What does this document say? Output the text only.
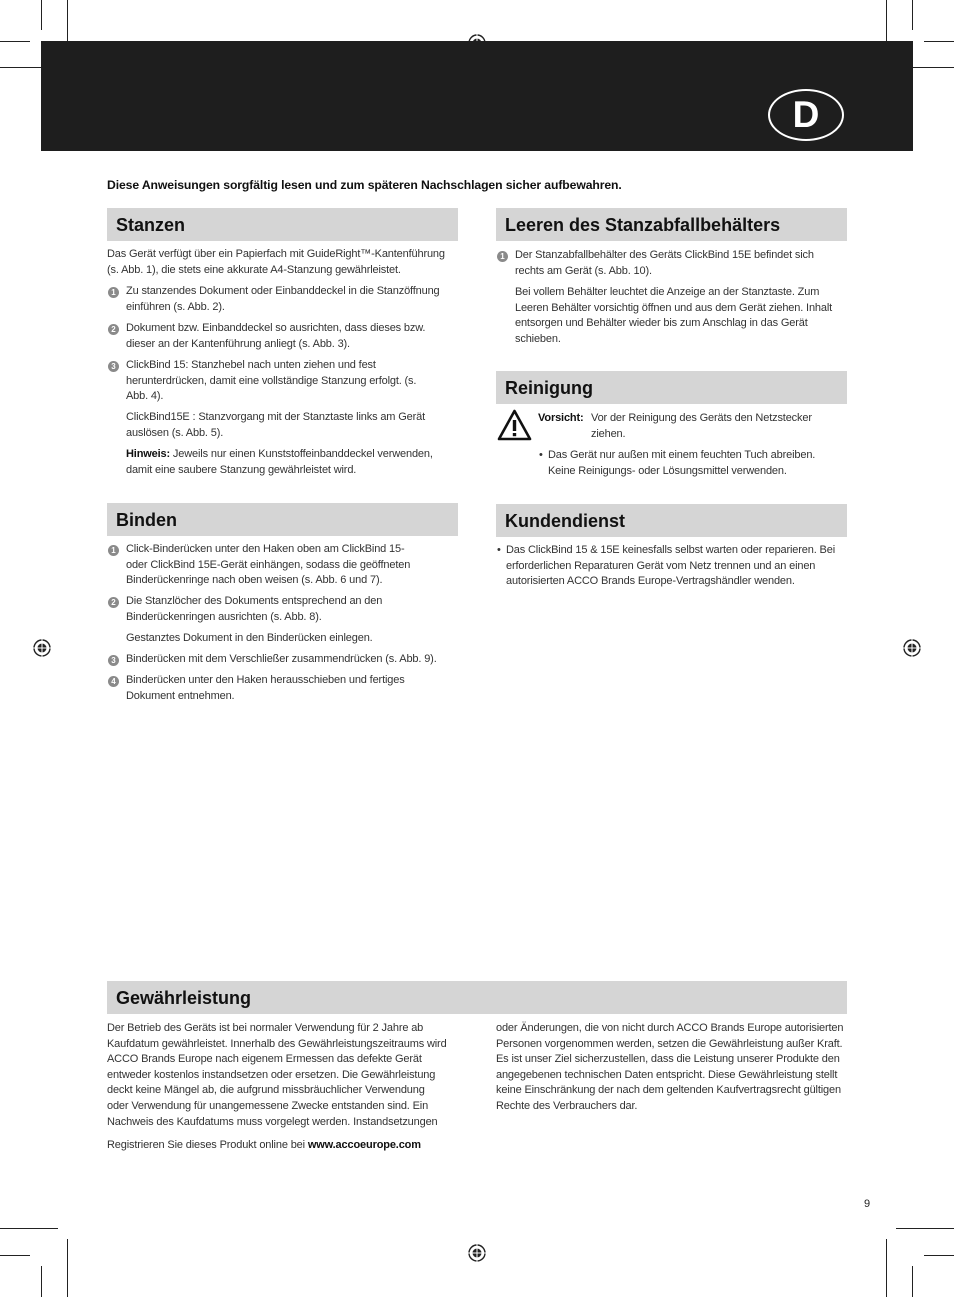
D
Diese Anweisungen sorgfältig lesen und zum späteren Nachschlagen sicher aufbewahren.
Stanzen
Das Gerät verfügt über ein Papierfach mit GuideRight™-Kantenführung (s. Abb. 1), die stets eine akkurate A4-Stanzung gewährleistet.
1 Zu stanzendes Dokument oder Einbanddeckel in die Stanzöffnung einführen (s. Abb. 2).
2 Dokument bzw. Einbanddeckel so ausrichten, dass dieses bzw. dieser an der Kantenführung anliegt (s. Abb. 3).
3 ClickBind 15: Stanzhebel nach unten ziehen und fest herunterdrücken, damit eine vollständige Stanzung erfolgt. (s. Abb. 4).
ClickBind15E : Stanzvorgang mit der Stanztaste links am Gerät auslösen (s. Abb. 5).
Hinweis: Jeweils nur einen Kunststoffeinbanddeckel verwenden, damit eine saubere Stanzung gewährleistet wird.
Binden
1 Click-Binderücken unter den Haken oben am ClickBind 15- oder ClickBind 15E-Gerät einhängen, sodass die geöffneten Binderückenringe nach oben weisen (s. Abb. 6 und 7).
2 Die Stanzlöcher des Dokuments entsprechend an den Binderückenringen ausrichten (s. Abb. 8).
Gestanztes Dokument in den Binderücken einlegen.
3 Binderücken mit dem Verschließer zusammendrücken (s. Abb. 9).
4 Binderücken unter den Haken herausschieben und fertiges Dokument entnehmen.
Leeren des Stanzabfallbehälters
1 Der Stanzabfallbehälter des Geräts ClickBind 15E befindet sich rechts am Gerät (s. Abb. 10).
Bei vollem Behälter leuchtet die Anzeige an der Stanztaste. Zum Leeren Behälter vorsichtig öffnen und aus dem Gerät ziehen. Inhalt entsorgen und Behälter wieder bis zum Anschlag in das Gerät schieben.
Reinigung
Vorsicht: Vor der Reinigung des Geräts den Netzstecker ziehen.
• Das Gerät nur außen mit einem feuchten Tuch abreiben. Keine Reinigungs- oder Lösungsmittel verwenden.
Kundendienst
• Das ClickBind 15 & 15E keinesfalls selbst warten oder reparieren. Bei erforderlichen Reparaturen Gerät vom Netz trennen und an einen autorisierten ACCO Brands Europe-Vertragshändler wenden.
Gewährleistung
Der Betrieb des Geräts ist bei normaler Verwendung für 2 Jahre ab Kaufdatum gewährleistet. Innerhalb des Gewährleistungszeitraums wird ACCO Brands Europe nach eigenem Ermessen das defekte Gerät entweder kostenlos instandsetzen oder ersetzen. Die Gewährleistung deckt keine Mängel ab, die aufgrund missbräuchlicher Verwendung oder Verwendung für unangemessene Zwecke entstanden sind. Ein Nachweis des Kaufdatums muss vorgelegt werden. Instandsetzungen
oder Änderungen, die von nicht durch ACCO Brands Europe autorisierten Personen vorgenommen werden, setzen die Gewährleistung außer Kraft. Es ist unser Ziel sicherzustellen, dass die Leistung unserer Produkte den angegebenen technischen Daten entspricht. Diese Gewährleistung stellt keine Einschränkung der nach dem geltenden Kaufvertragsrecht gültigen Rechte des Verbrauchers dar.
Registrieren Sie dieses Produkt online bei www.accoeurope.com
9
